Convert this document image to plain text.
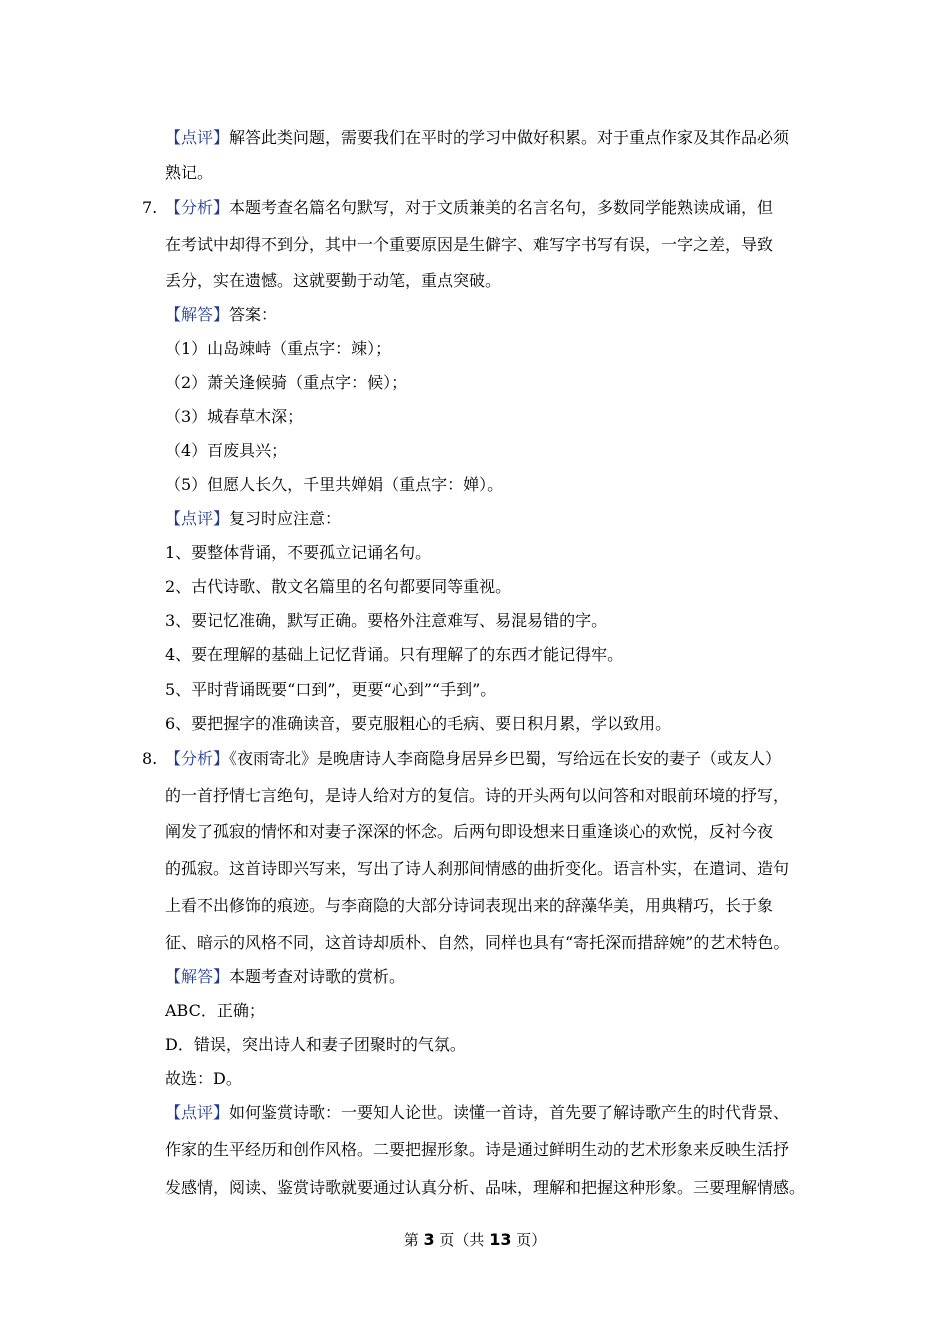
【 点评 】 解答此类问题，需要我们在平时的学习中做好积累。对于重点作家及其作品必须
熟记。
7.	【 分析 】 本题考查名篇名句默写，对于文质兼美的名言名句，多数同学能熟读成诵，但
在考试中却得不到分，其中一个重要原因是生僻字、难写字书写有误，一字之差，导致
丢分，实在遗憾。这就要勤于动笔，重点突破。
【 解答 】 答案：
（1）山岛竦峙（重点字：竦）；
（2）萧关逢候骑（重点字：候）；
（3）城春草木深；
（4）百废具兴；
（5）但愿人长久，千里共婵娟（重点字：婵）。
【 点评 】 复习时应注意：
1、要整体背诵，不要孤立记诵名句。
2、古代诗歌、散文名篇里的名句都要同等重视。
3、要记忆准确，默写正确。要格外注意难写、易混易错的字。
4、要在理解的基础上记忆背诵。只有理解了的东西才能记得牢。
5、平时背诵既要“口到”，更要“心到”“手到”。
6、要把握字的准确读音，要克服粗心的毛病、要日积月累，学以致用。
8.	【 分析 】 《夜雨寄北》是晚唐诗人李商隐身居异乡巴蜀，写给远在长安的妻子（或友人）
的一首抒情七言绝句，是诗人给对方的复信。诗的开头两句以问答和对眼前环境的抒写，
阐发了孤寂的情怀和对妻子深深的怀念。后两句即设想来日重逢谈心的欢悦，反衬今夜
的孤寂。这首诗即兴写来，写出了诗人刹那间情感的曲折变化。语言朴实，在遣词、造句
上看不出修饰的痕迹。与李商隐的大部分诗词表现出来的辞藻华美，用典精巧，长于象
征、暗示的风格不同，这首诗却质朴、自然，同样也具有“寄托深而措辞婉”的艺术特色。
【 解答 】 本题考查对诗歌的赏析。
ABC．正确；
D．错误，突出诗人和妻子团聚时的气氛。
故选：D。
【 点评 】 如何鉴赏诗歌：一要知人论世。读懂一首诗，首先要了解诗歌产生的时代背景、
作家的生平经历和创作风格。二要把握形象。诗是通过鲜明生动的艺术形象来反映生活抒
发感情，阅读、鉴赏诗歌就要通过认真分析、品味，理解和把握这种形象。三要理解情感。
第 3 页（共 13 页）
